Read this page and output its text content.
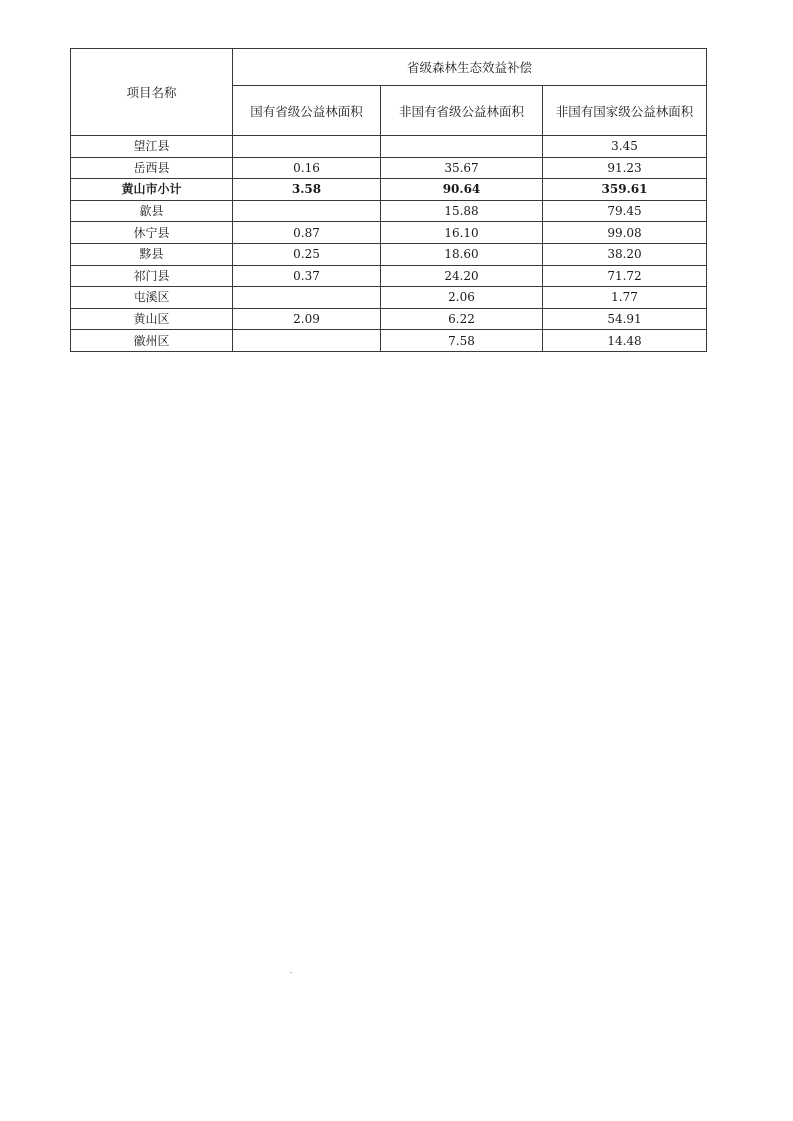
项目名称	省级森林生态效益补偿		
	国有省级公益林面积	非国有省级公益林面积	非国有国家级公益林面积
望江县			3.45
岳西县	0.16	35.67	91.23
黄山市小计	3.58	90.64	359.61
歙县		15.88	79.45
休宁县	0.87	16.10	99.08
黟县	0.25	18.60	38.20
祁门县	0.37	24.20	71.72
屯溪区		2.06	1.77
黄山区	2.09	6.22	54.91
徽州区		7.58	14.48
